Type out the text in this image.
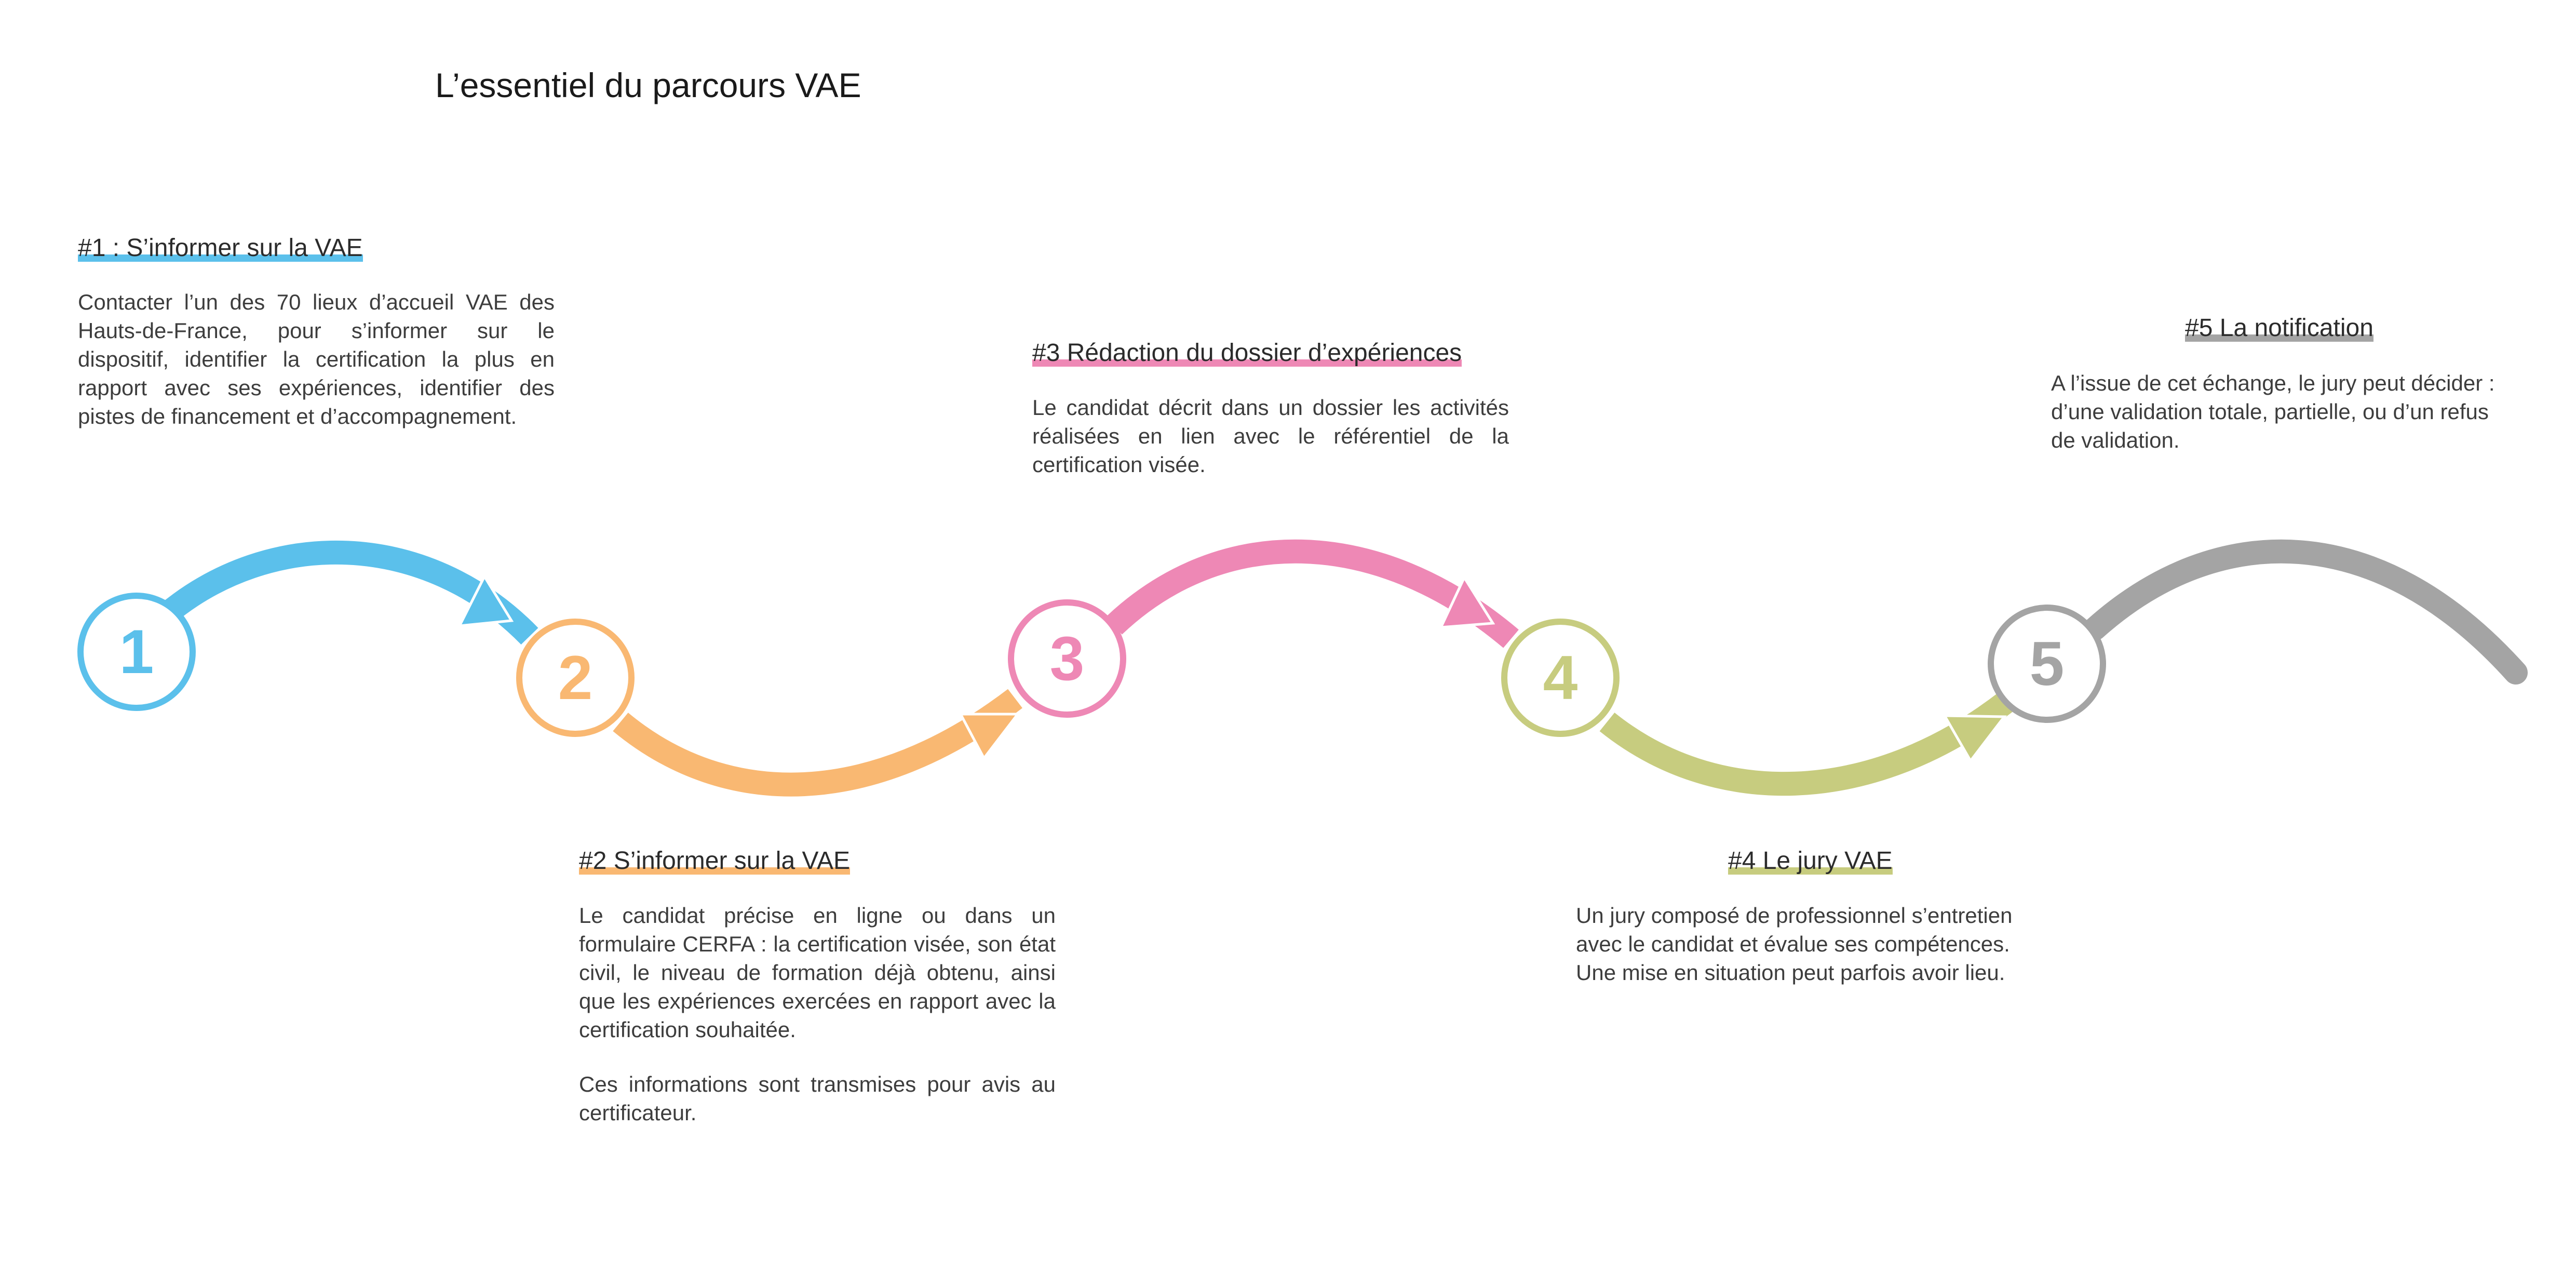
L’essentiel du parcours VAE
1	2	3	4	5
#1 : S’informer sur la VAE

Contacter l’un des 70 lieux d’accueil VAE des Hauts-de-France, pour s’informer sur le dispositif, identifier la certification la plus en rapport avec ses expériences, identifier des pistes de financement et d’accompagnement.

#2 S’informer sur la VAE

Le candidat précise en ligne ou dans un formulaire CERFA : la certification visée, son état civil, le niveau de formation déjà obtenu, ainsi que les expériences exercées en rapport avec la certification souhaitée.

Ces informations sont transmises pour avis au certificateur.

#3 Rédaction du dossier d’expériences

Le candidat décrit dans un dossier les activités réalisées en lien avec le référentiel de la certification visée.

#4 Le jury VAE

Un jury composé de professionnel s’entretien avec le candidat et évalue ses compétences. Une mise en situation peut parfois avoir lieu.

#5 La notification

A l’issue de cet échange, le jury peut décider : d’une validation totale, partielle, ou d’un refus de validation.
